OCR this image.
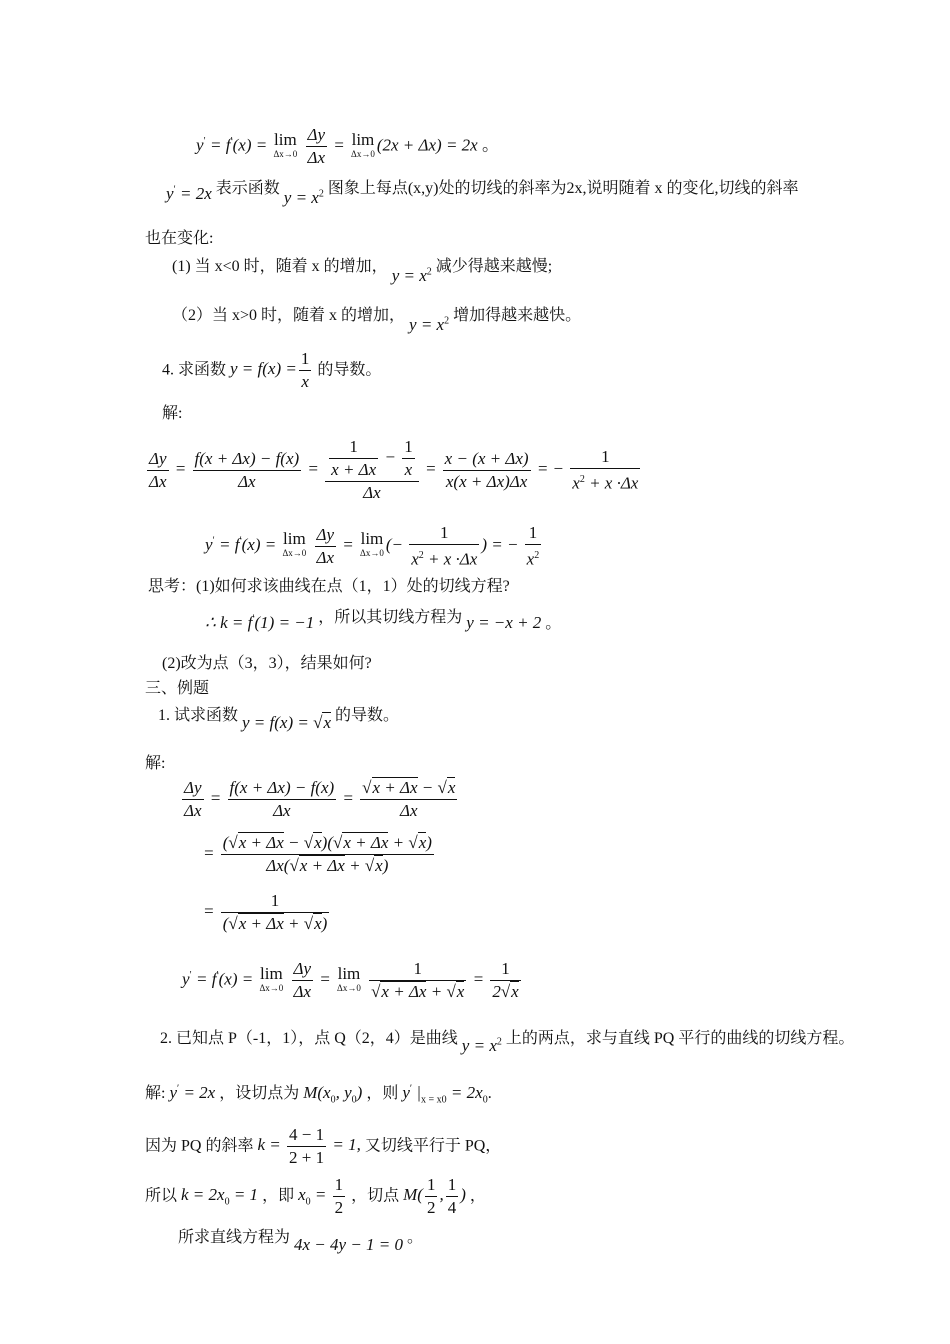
y′ = f′(x) = lim
Δx→0
$\frac{\Delta y}{\Delta x} = \lim$
Δx→0 (2x + Δx) = 2x 。
y′ = 2x 表示函数 $y = x^2$ 图象上每点(x,y)处的切线的斜率为2x,说明随着 x 的变化,切线的斜率
也在变化:
(1) 当 x<0 时，随着 x 的增加， $y = x^2$ 减少得越来越慢;
（2）当 x>0 时，随着 x 的增加， $y = x^2$ 增加得越来越快。
4. 求函数 $y = f(x) = \frac{1}{x}$ 的导数。
解:
$\frac{\Delta y}{\Delta x} = \frac{f(x + \Delta x) - f(x)}{\Delta x} = \frac{\frac{1}{x + \Delta x} - \frac{1}{x}}{\Delta x} = \frac{x - (x + \Delta x)}{x(x + \Delta x)\Delta x}$ = − $\frac{1}{x^2 + x \cdot\Delta x}$
y′ = f′(x) = lim
Δx→0
$\frac{\Delta y}{\Delta x} = \lim$
Δx→0 (− $\frac{1}{x^2 + x \cdot\Delta x}$ ) = − $\frac{1}{x^2}$
思考：(1)如何求该曲线在点（1，1）处的切线方程?
∴ k = f′(1) = −1 ，所以其切线方程为 y = −x + 2 。
(2)改为点（3，3），结果如何?
三、例题
1. 试求函数 y = f(x) = √x 的导数。
解:
$\frac{\Delta y}{\Delta x} = \frac{f(x + \Delta x) - f(x)}{\Delta x} = \frac{√x + \Delta x - √x}{\Delta x}$
= $\frac{(√x + \Delta x - √x)(√x + \Delta x + √x)}{\Delta x(√x + \Delta x + √x)}$
= $\frac{1}{(√x + \Delta x + √x)}$
y′ = f′(x) = lim
Δx→0
$\frac{\Delta y}{\Delta x} = \lim$
Δx→0
$\frac{1}{√x + \Delta x + √x} = \frac{1}{2√x}$
2. 已知点 P（-1，1），点 Q（2，4）是曲线 $y = x^2$ 上的两点，求与直线 PQ 平行的曲线的切线方程。
解: y′ = 2x ，设切点为 $M(x_0$, $y_0$) ，则 y′ $|_{x = x0} = 2x_0$.
因为 PQ 的斜率 $k = \frac{4 - 1}{2 + 1} = 1$, 又切线平行于 PQ，
所以 $k = 2x_0 = 1$ ，即 $x_0 = \frac{1}{2}$ ，切点 $M( \frac{1}{2}$ , $\frac{1}{4}$ ) ，
所求直线方程为 4x − 4y − 1 = 0 。
